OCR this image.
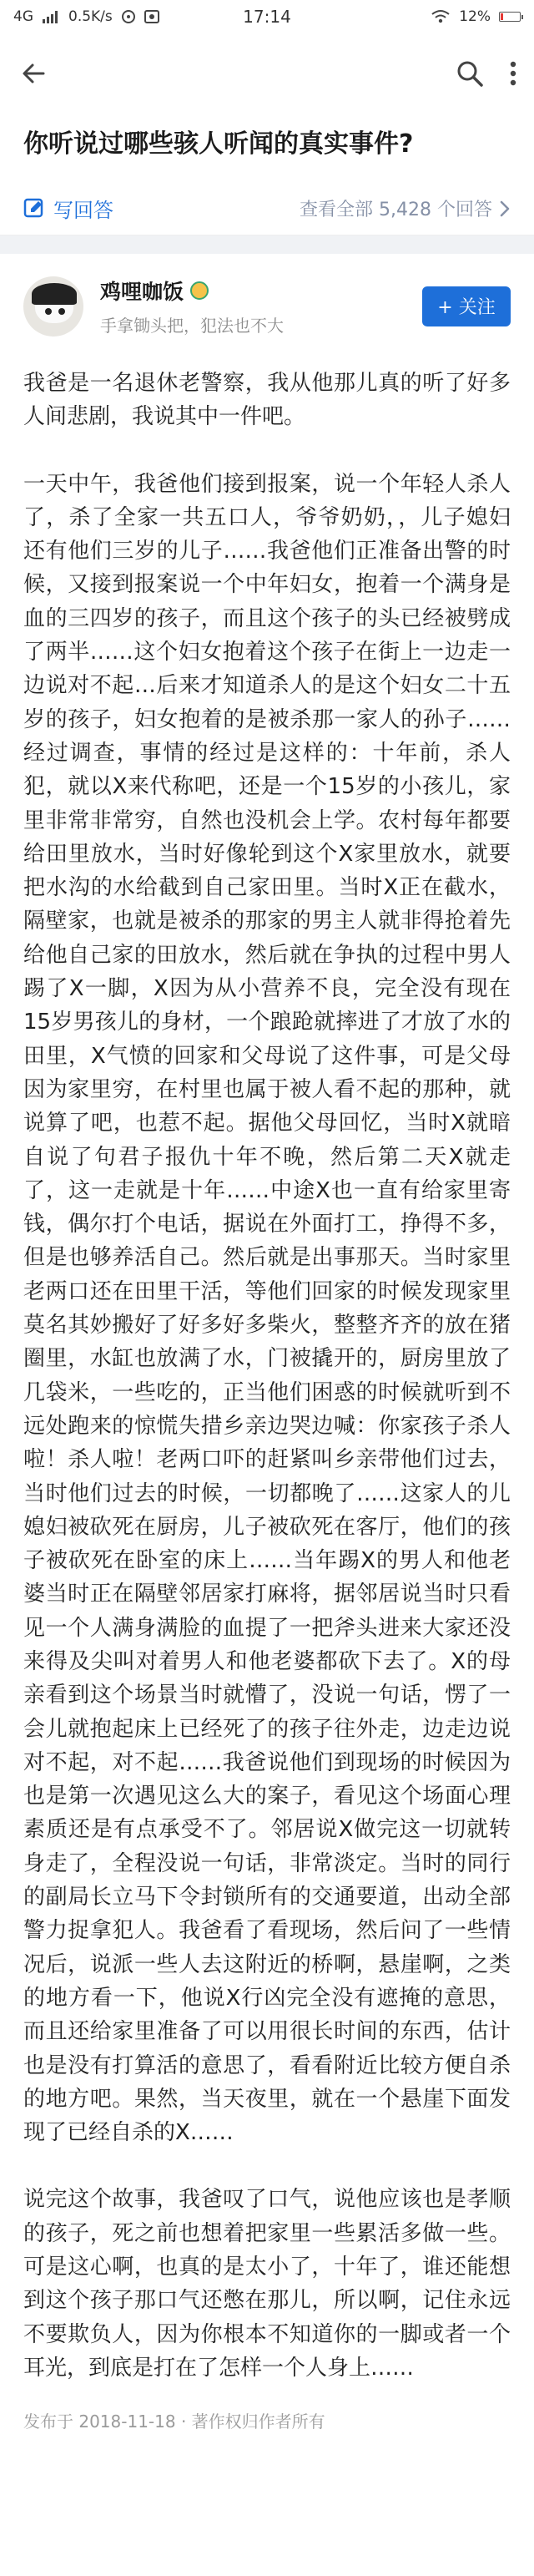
4G 0.5K/s	17:14	12%
你听说过哪些骇人听闻的真实事件?
写回答	查看全部 5,428 个回答
鸡哩咖饭
手拿锄头把，犯法也不大
+ 关注

我爸是一名退休老警察，我从他那儿真的听了好多人间悲剧，我说其中一件吧。

一天中午，我爸他们接到报案，说一个年轻人杀人了，杀了全家一共五口人，爷爷奶奶，，儿子媳妇还有他们三岁的儿子……我爸他们正准备出警的时候，又接到报案说一个中年妇女，抱着一个满身是血的三四岁的孩子，而且这个孩子的头已经被劈成了两半……这个妇女抱着这个孩子在街上一边走一边说对不起…后来才知道杀人的是这个妇女二十五岁的孩子，妇女抱着的是被杀那一家人的孙子……经过调查，事情的经过是这样的：十年前，杀人犯，就以X来代称吧，还是一个15岁的小孩儿，家里非常非常穷，自然也没机会上学。农村每年都要给田里放水，当时好像轮到这个X家里放水，就要把水沟的水给截到自己家田里。当时X正在截水，隔壁家，也就是被杀的那家的男主人就非得抢着先给他自己家的田放水，然后就在争执的过程中男人踢了X一脚，X因为从小营养不良，完全没有现在15岁男孩儿的身材，一个踉跄就摔进了才放了水的田里，X气愤的回家和父母说了这件事，可是父母因为家里穷，在村里也属于被人看不起的那种，就说算了吧，也惹不起。据他父母回忆，当时X就暗自说了句君子报仇十年不晚，然后第二天X就走了，这一走就是十年……中途X也一直有给家里寄钱，偶尔打个电话，据说在外面打工，挣得不多，但是也够养活自己。然后就是出事那天。当时家里老两口还在田里干活，等他们回家的时候发现家里莫名其妙搬好了好多好多柴火，整整齐齐的放在猪圈里，水缸也放满了水，门被撬开的，厨房里放了几袋米，一些吃的，正当他们困惑的时候就听到不远处跑来的惊慌失措乡亲边哭边喊：你家孩子杀人啦！杀人啦！老两口吓的赶紧叫乡亲带他们过去，当时他们过去的时候，一切都晚了……这家人的儿媳妇被砍死在厨房，儿子被砍死在客厅，他们的孩子被砍死在卧室的床上……当年踢X的男人和他老婆当时正在隔壁邻居家打麻将，据邻居说当时只看见一个人满身满脸的血提了一把斧头进来大家还没来得及尖叫对着男人和他老婆都砍下去了。X的母亲看到这个场景当时就懵了，没说一句话，愣了一会儿就抱起床上已经死了的孩子往外走，边走边说对不起，对不起……我爸说他们到现场的时候因为也是第一次遇见这么大的案子，看见这个场面心理素质还是有点承受不了。邻居说X做完这一切就转身走了，全程没说一句话，非常淡定。当时的同行的副局长立马下令封锁所有的交通要道，出动全部警力捉拿犯人。我爸看了看现场，然后问了一些情况后，说派一些人去这附近的桥啊，悬崖啊，之类的地方看一下，他说X行凶完全没有遮掩的意思，而且还给家里准备了可以用很长时间的东西，估计也是没有打算活的意思了，看看附近比较方便自杀的地方吧。果然，当天夜里，就在一个悬崖下面发现了已经自杀的X……

说完这个故事，我爸叹了口气，说他应该也是孝顺的孩子，死之前也想着把家里一些累活多做一些。可是这心啊，也真的是太小了，十年了，谁还能想到这个孩子那口气还憋在那儿，所以啊，记住永远不要欺负人，因为你根本不知道你的一脚或者一个耳光，到底是打在了怎样一个人身上……

发布于 2018-11-18 · 著作权归作者所有
